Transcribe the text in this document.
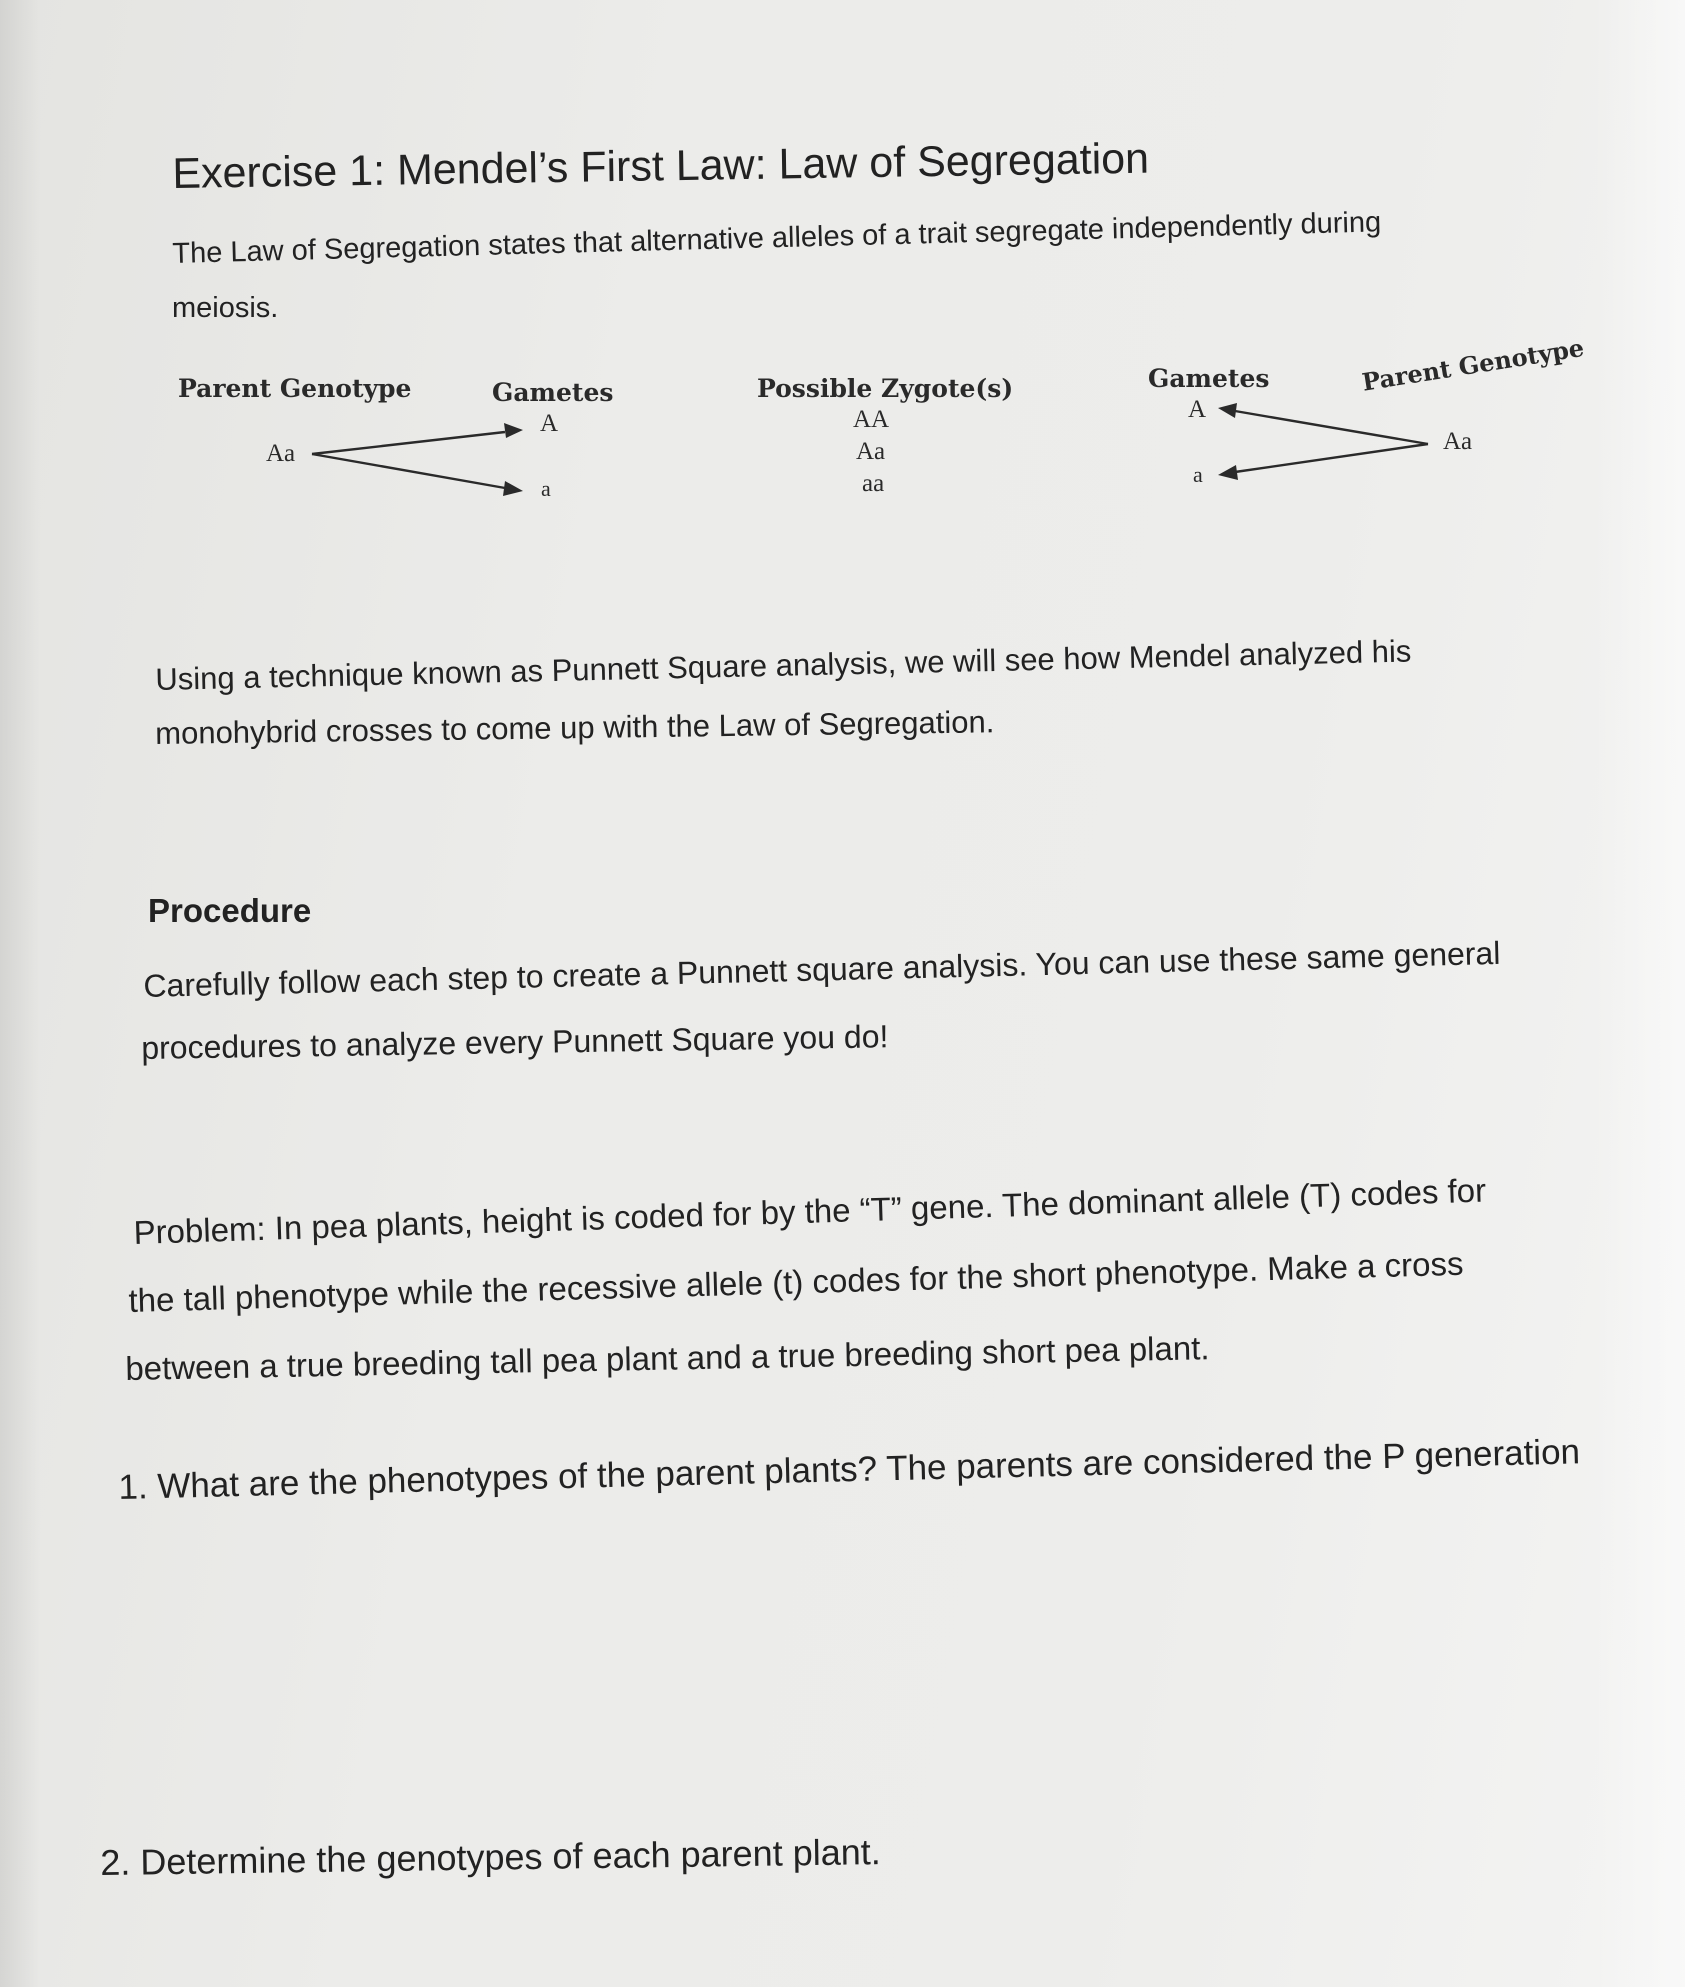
Exercise 1: Mendel’s First Law: Law of Segregation
The Law of Segregation states that alternative alleles of a trait segregate independently during
meiosis.
Parent Genotype	Gametes
A
Aa
a
Possible Zygote(s)
AA
Aa
aa
Gametes
A
a
Parent Genotype
Aa
Using a technique known as Punnett Square analysis, we will see how Mendel analyzed his
monohybrid crosses to come up with the Law of Segregation.
Procedure
Carefully follow each step to create a Punnett square analysis. You can use these same general
procedures to analyze every Punnett Square you do!
Problem: In pea plants, height is coded for by the “T” gene. The dominant allele (T) codes for
the tall phenotype while the recessive allele (t) codes for the short phenotype. Make a cross
between a true breeding tall pea plant and a true breeding short pea plant.
1. What are the phenotypes of the parent plants? The parents are considered the P generation
2. Determine the genotypes of each parent plant.
